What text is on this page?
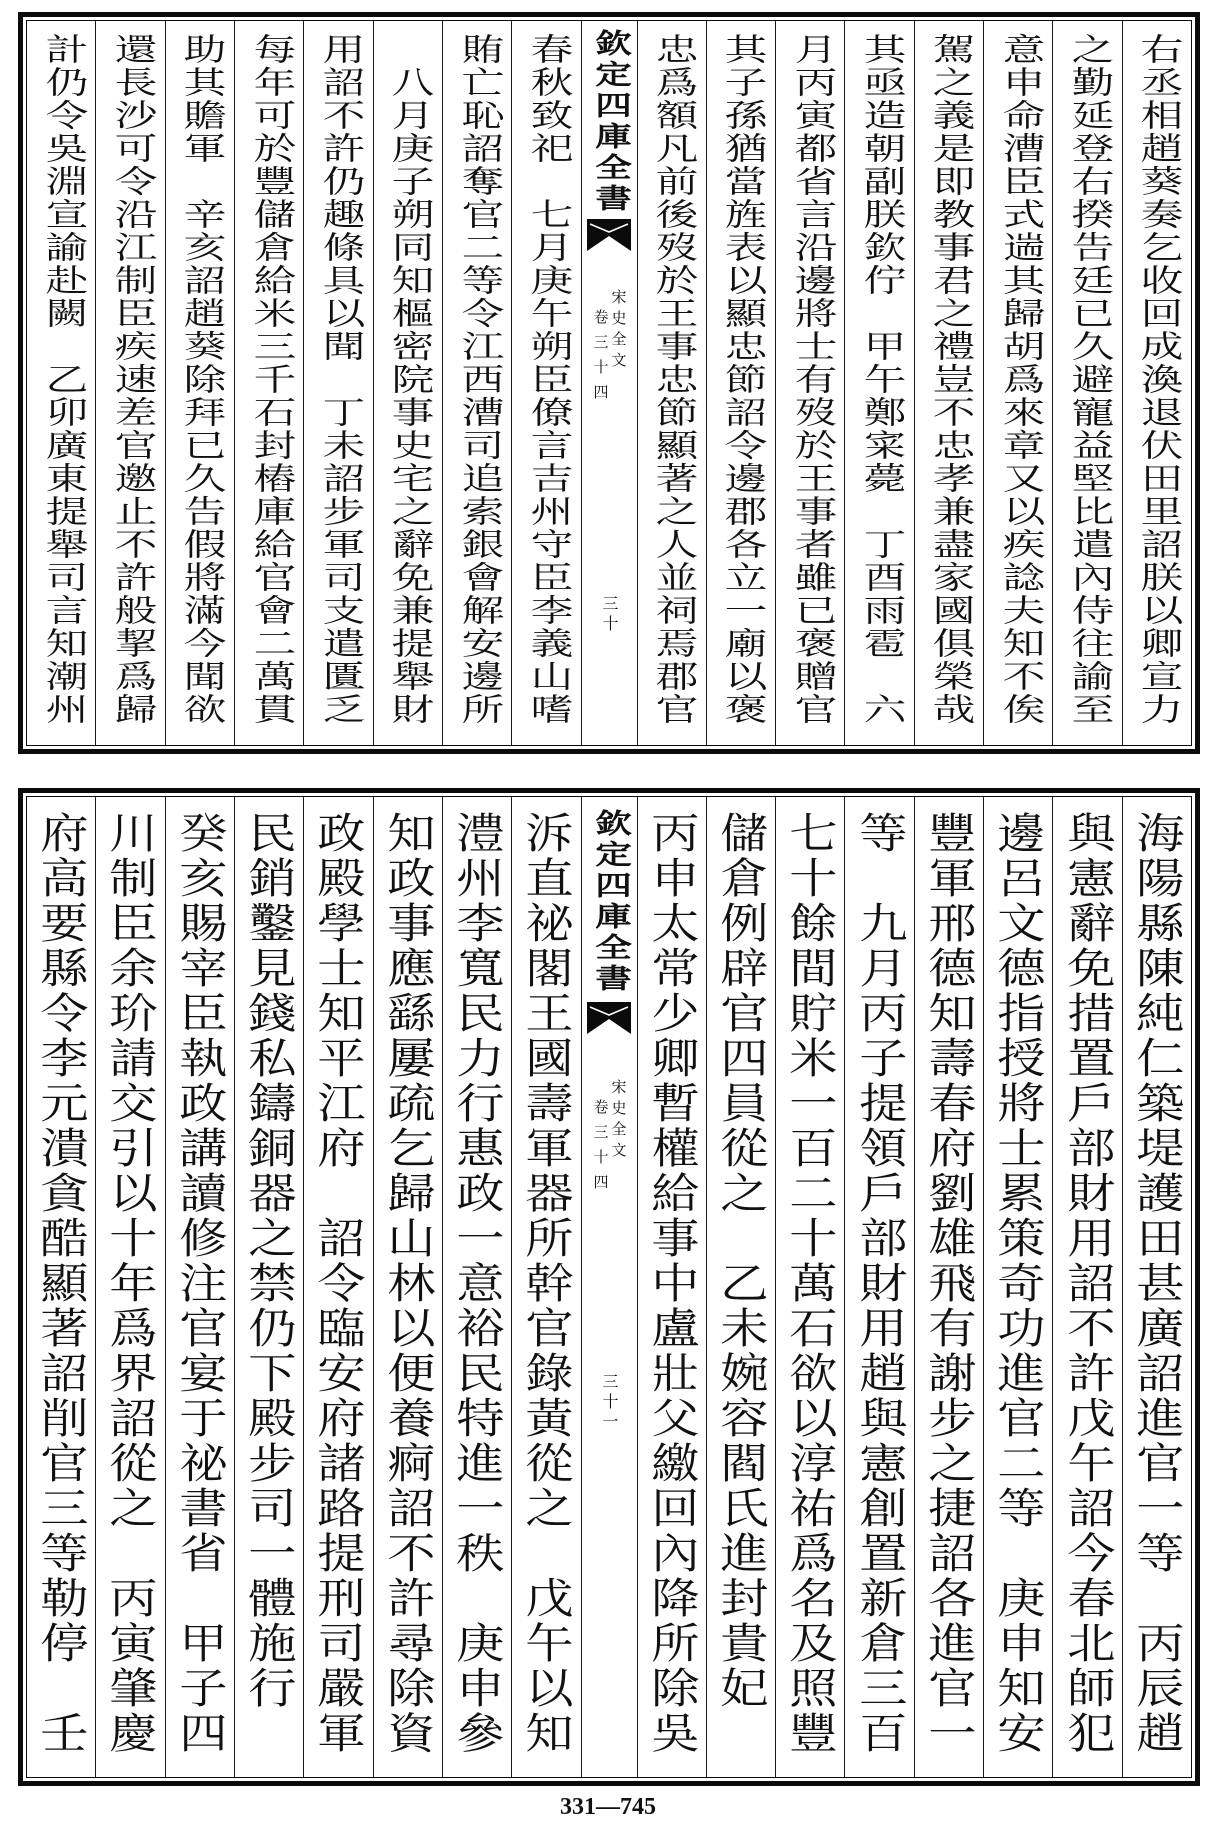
右丞相趙葵奏乞收回成渙退伏田里詔朕以卿宣力
之勤延登右揆告廷已久避寵益堅比遣內侍往諭至
意申命漕臣式遄其歸胡爲來章又以疾諗夫知不俟
駕之義是即教事君之禮豈不忠孝兼盡家國俱榮哉
其亟造朝副朕欽佇　甲午鄭寀薨　丁酉雨雹　六
月丙寅都省言沿邊將士有歿於王事者雖已褒贈官
其子孫猶當旌表以顯忠節詔令邊郡各立一廟以褒
忠爲額凡前後歿於王事忠節顯著之人並祠焉郡官
欽定四庫全書
宋史全文
卷三十四
三十
春秋致祀　七月庚午朔臣僚言吉州守臣李義山嗜
賄亡恥詔奪官二等令江西漕司追索銀會解安邊所
　八月庚子朔同知樞密院事史宅之辭免兼提舉財
用詔不許仍趣條具以聞　丁未詔步軍司支遣匱乏
每年可於豐儲倉給米三千石封樁庫給官會二萬貫
助其贍軍　辛亥詔趙葵除拜已久告假將滿今聞欲
還長沙可令沿江制臣疾速差官邀止不許般挈爲歸
計仍令吳淵宣諭赴闕　乙卯廣東提舉司言知潮州
海陽縣陳純仁築堤護田甚廣詔進官一等　丙辰趙
與憲辭免措置戶部財用詔不許戊午詔今春北師犯
邊呂文德指授將士累策奇功進官二等　庚申知安
豐軍邢德知壽春府劉雄飛有謝步之捷詔各進官一
等　九月丙子提領戶部財用趙與憲創置新倉三百
七十餘間貯米一百二十萬石欲以淳祐爲名及照豐
儲倉例辟官四員從之　乙未婉容閻氏進封貴妃
丙申太常少卿暫權給事中盧壯父繳回內降所除吳
欽定四庫全書
宋史全文
卷三十四
三十一
泝直祕閣王國壽軍器所幹官錄黃從之　戊午以知
澧州李寬民力行惠政一意裕民特進一秩　庚申參
知政事應繇屢疏乞歸山林以便養痾詔不許尋除資
政殿學士知平江府　詔令臨安府諸路提刑司嚴軍
民銷鑿見錢私鑄銅器之禁仍下殿步司一體施行
癸亥賜宰臣執政講讀修注官宴于祕書省　甲子四
川制臣余玠請交引以十年爲界詔從之　丙寅肇慶
府高要縣令李元潰貪酷顯著詔削官三等勒停　壬
331—745
